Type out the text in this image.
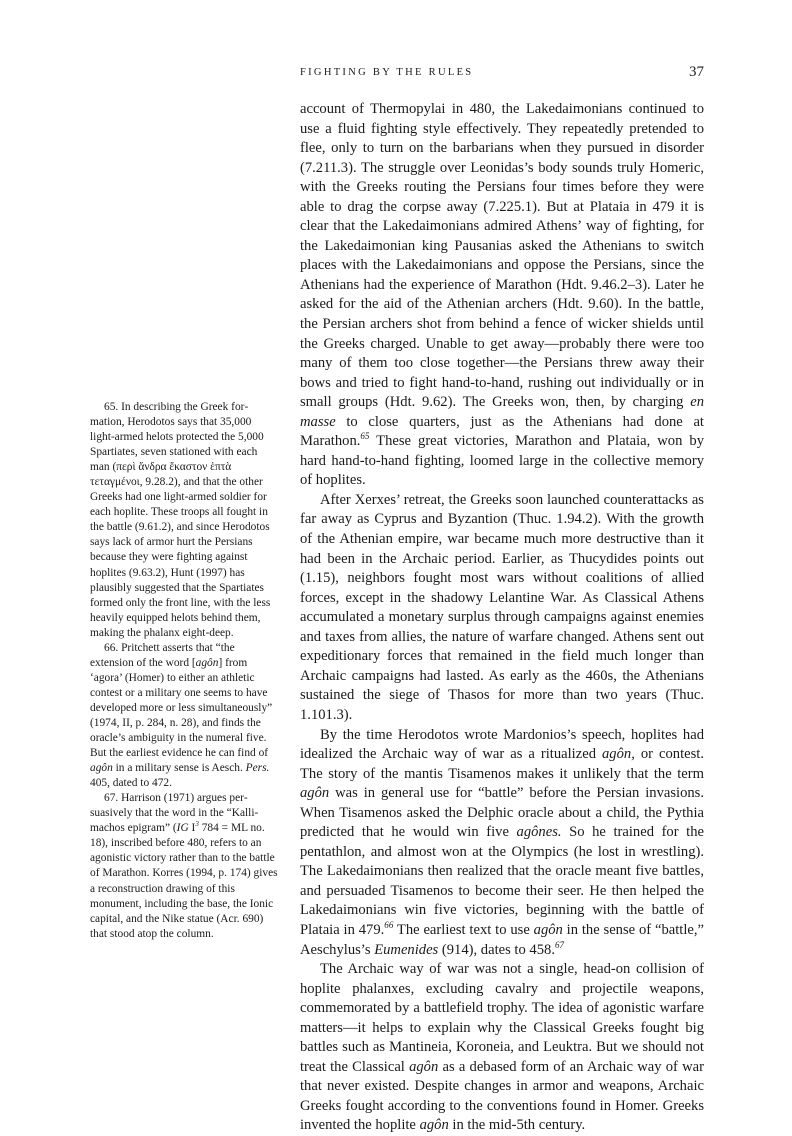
FIGHTING BY THE RULES	37

account of Thermopylai in 480, the Lakedaimonians continued to use a fluid fighting style effectively. They repeatedly pretended to flee, only to turn on the barbarians when they pursued in disorder (7.211.3). The struggle over Leonidas’s body sounds truly Homeric, with the Greeks routing the Persians four times before they were able to drag the corpse away (7.225.1). But at Plataia in 479 it is clear that the Lakedaimonians admired Athens’ way of fighting, for the Lakedaimonian king Pausanias asked the Athenians to switch places with the Lakedaimonians and oppose the Persians, since the Athenians had the experience of Marathon (Hdt. 9.46.2–3). Later he asked for the aid of the Athenian archers (Hdt. 9.60). In the battle, the Persian archers shot from behind a fence of wicker shields until the Greeks charged. Unable to get away—probably there were too many of them too close together—the Persians threw away their bows and tried to fight hand-to-hand, rushing out individually or in small groups (Hdt. 9.62). The Greeks won, then, by charging en masse to close quarters, just as the Athenians had done at Marathon.$^{65}$ These great victories, Marathon and Plataia, won by hard hand-to-hand fighting, loomed large in the collective memory of hoplites.

After Xerxes’ retreat, the Greeks soon launched counterattacks as far away as Cyprus and Byzantion (Thuc. 1.94.2). With the growth of the Athenian empire, war became much more destructive than it had been in the Archaic period. Earlier, as Thucydides points out (1.15), neighbors fought most wars without coalitions of allied forces, except in the shadowy Lelantine War. As Classical Athens accumulated a monetary surplus through campaigns against enemies and taxes from allies, the nature of warfare changed. Athens sent out expeditionary forces that remained in the field much longer than Archaic campaigns had lasted. As early as the 460s, the Athenians sustained the siege of Thasos for more than two years (Thuc. 1.101.3).

By the time Herodotos wrote Mardonios’s speech, hoplites had idealized the Archaic way of war as a ritualized agôn, or contest. The story of the mantis Tisamenos makes it unlikely that the term agôn was in general use for “battle” before the Persian invasions. When Tisamenos asked the Delphic oracle about a child, the Pythia predicted that he would win five agônes. So he trained for the pentathlon, and almost won at the Olympics (he lost in wrestling). The Lakedaimonians then realized that the oracle meant five battles, and persuaded Tisamenos to become their seer. He then helped the Lakedaimonians win five victories, beginning with the battle of Plataia in 479.66 The earliest text to use agôn in the sense of “battle,” Aeschylus’s Eumenides (914), dates to 458.67

The Archaic way of war was not a single, head-on collision of hoplite phalanxes, excluding cavalry and projectile weapons, commemorated by a battlefield trophy. The idea of agonistic warfare matters—it helps to explain why the Classical Greeks fought big battles such as Mantineia, Koroneia, and Leuktra. But we should not treat the Classical agôn as a debased form of an Archaic way of war that never existed. Despite changes in armor and weapons, Archaic Greeks fought according to the conventions found in Homer. Greeks invented the hoplite agôn in the mid-5th century.

65. In describing the Greek formation, Herodotos says that 35,000 light-armed helots protected the 5,000 Spartiates, seven stationed with each man (περὶ ἄνδρα ἕκαστον ἑπτὰ τεταγμένοι, 9.28.2), and that the other Greeks had one light-armed soldier for each hoplite. These troops all fought in the battle (9.61.2), and since Herodotos says lack of armor hurt the Persians because they were fighting against hoplites (9.63.2), Hunt (1997) has plausibly suggested that the Spartiates formed only the front line, with the less heavily equipped helots behind them, making the phalanx eight-deep.

66. Pritchett asserts that “the extension of the word [agôn] from ‘agora’ (Homer) to either an athletic contest or a military one seems to have developed more or less simultaneously” (1974, II, p. 284, n. 28), and finds the oracle’s ambiguity in the numeral five. But the earliest evidence he can find of agôn in a military sense is Aesch. Pers. 405, dated to 472.

67. Harrison (1971) argues persuasively that the word in the “Kallimachos epigram” (IG $I^3$ 784 = ML no. 18), inscribed before 480, refers to an agonistic victory rather than to the battle of Marathon. Korres (1994, p. 174) gives a reconstruction drawing of this monument, including the base, the Ionic capital, and the Nike statue (Acr. 690) that stood atop the column.
